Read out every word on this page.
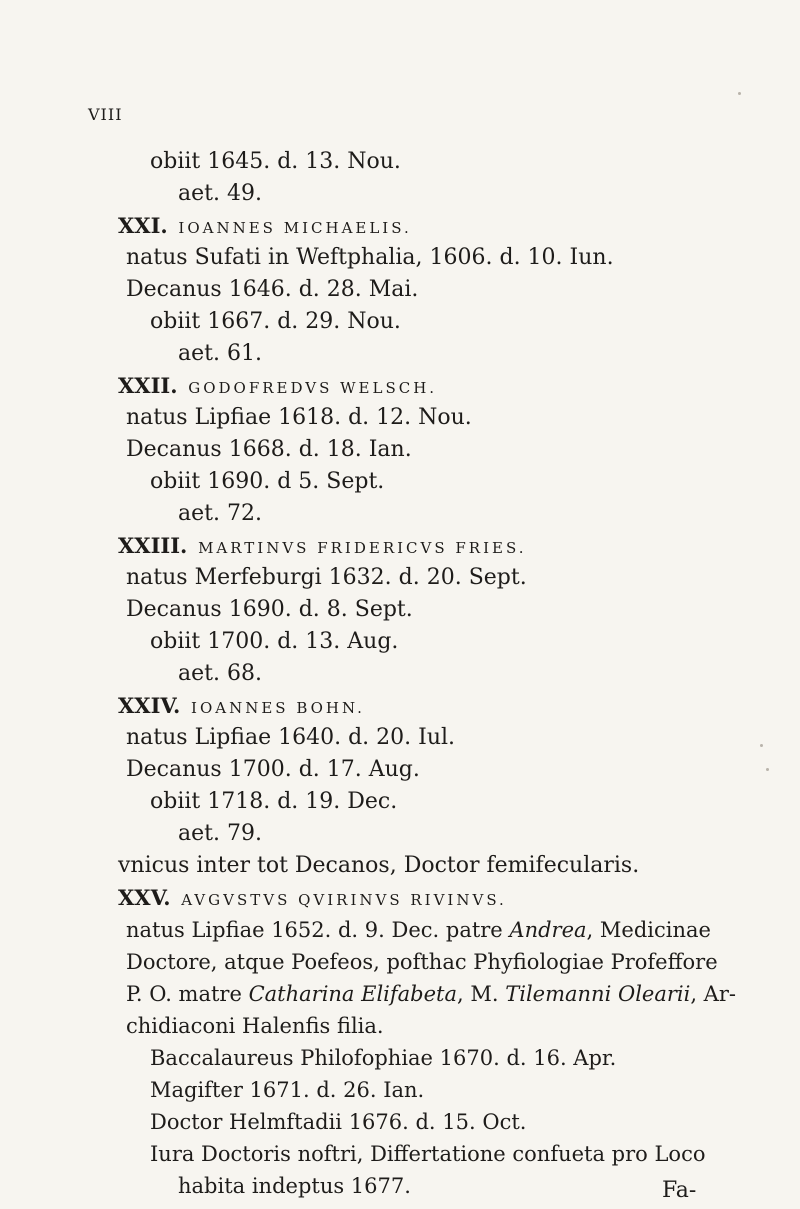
VIII
obiit 1645. d. 13. Nou.
aet. 49.
XXI. IOANNES MICHAELIS.
natus Sufati in Weftphalia, 1606. d. 10. Iun.
Decanus 1646. d. 28. Mai.
obiit 1667. d. 29. Nou.
aet. 61.
XXII. GODOFREDVS WELSCH.
natus Lipfiae 1618. d. 12. Nou.
Decanus 1668. d. 18. Ian.
obiit 1690. d 5. Sept.
aet. 72.
XXIII. MARTINVS FRIDERICVS FRIES.
natus Merfeburgi 1632. d. 20. Sept.
Decanus 1690. d. 8. Sept.
obiit 1700. d. 13. Aug.
aet. 68.
XXIV. IOANNES BOHN.
natus Lipfiae 1640. d. 20. Iul.
Decanus 1700. d. 17. Aug.
obiit 1718. d. 19. Dec.
aet. 79.
vnicus inter tot Decanos, Doctor femifecularis.
XXV. AVGVSTVS QVIRINVS RIVINVS.
natus Lipfiae 1652. d. 9. Dec. patre Andrea, Medicinae
Doctore, atque Poefeos, pofthac Phyfiologiae Profeffore
P. O. matre Catharina Elifabeta, M. Tilemanni Olearii, Ar-
chidiaconi Halenfis filia.
Baccalaureus Philofophiae 1670. d. 16. Apr.
Magifter 1671. d. 26. Ian.
Doctor Helmftadii 1676. d. 15. Oct.
Iura Doctoris noftri, Differtatione confueta pro Loco
habita indeptus 1677.	Fa-
